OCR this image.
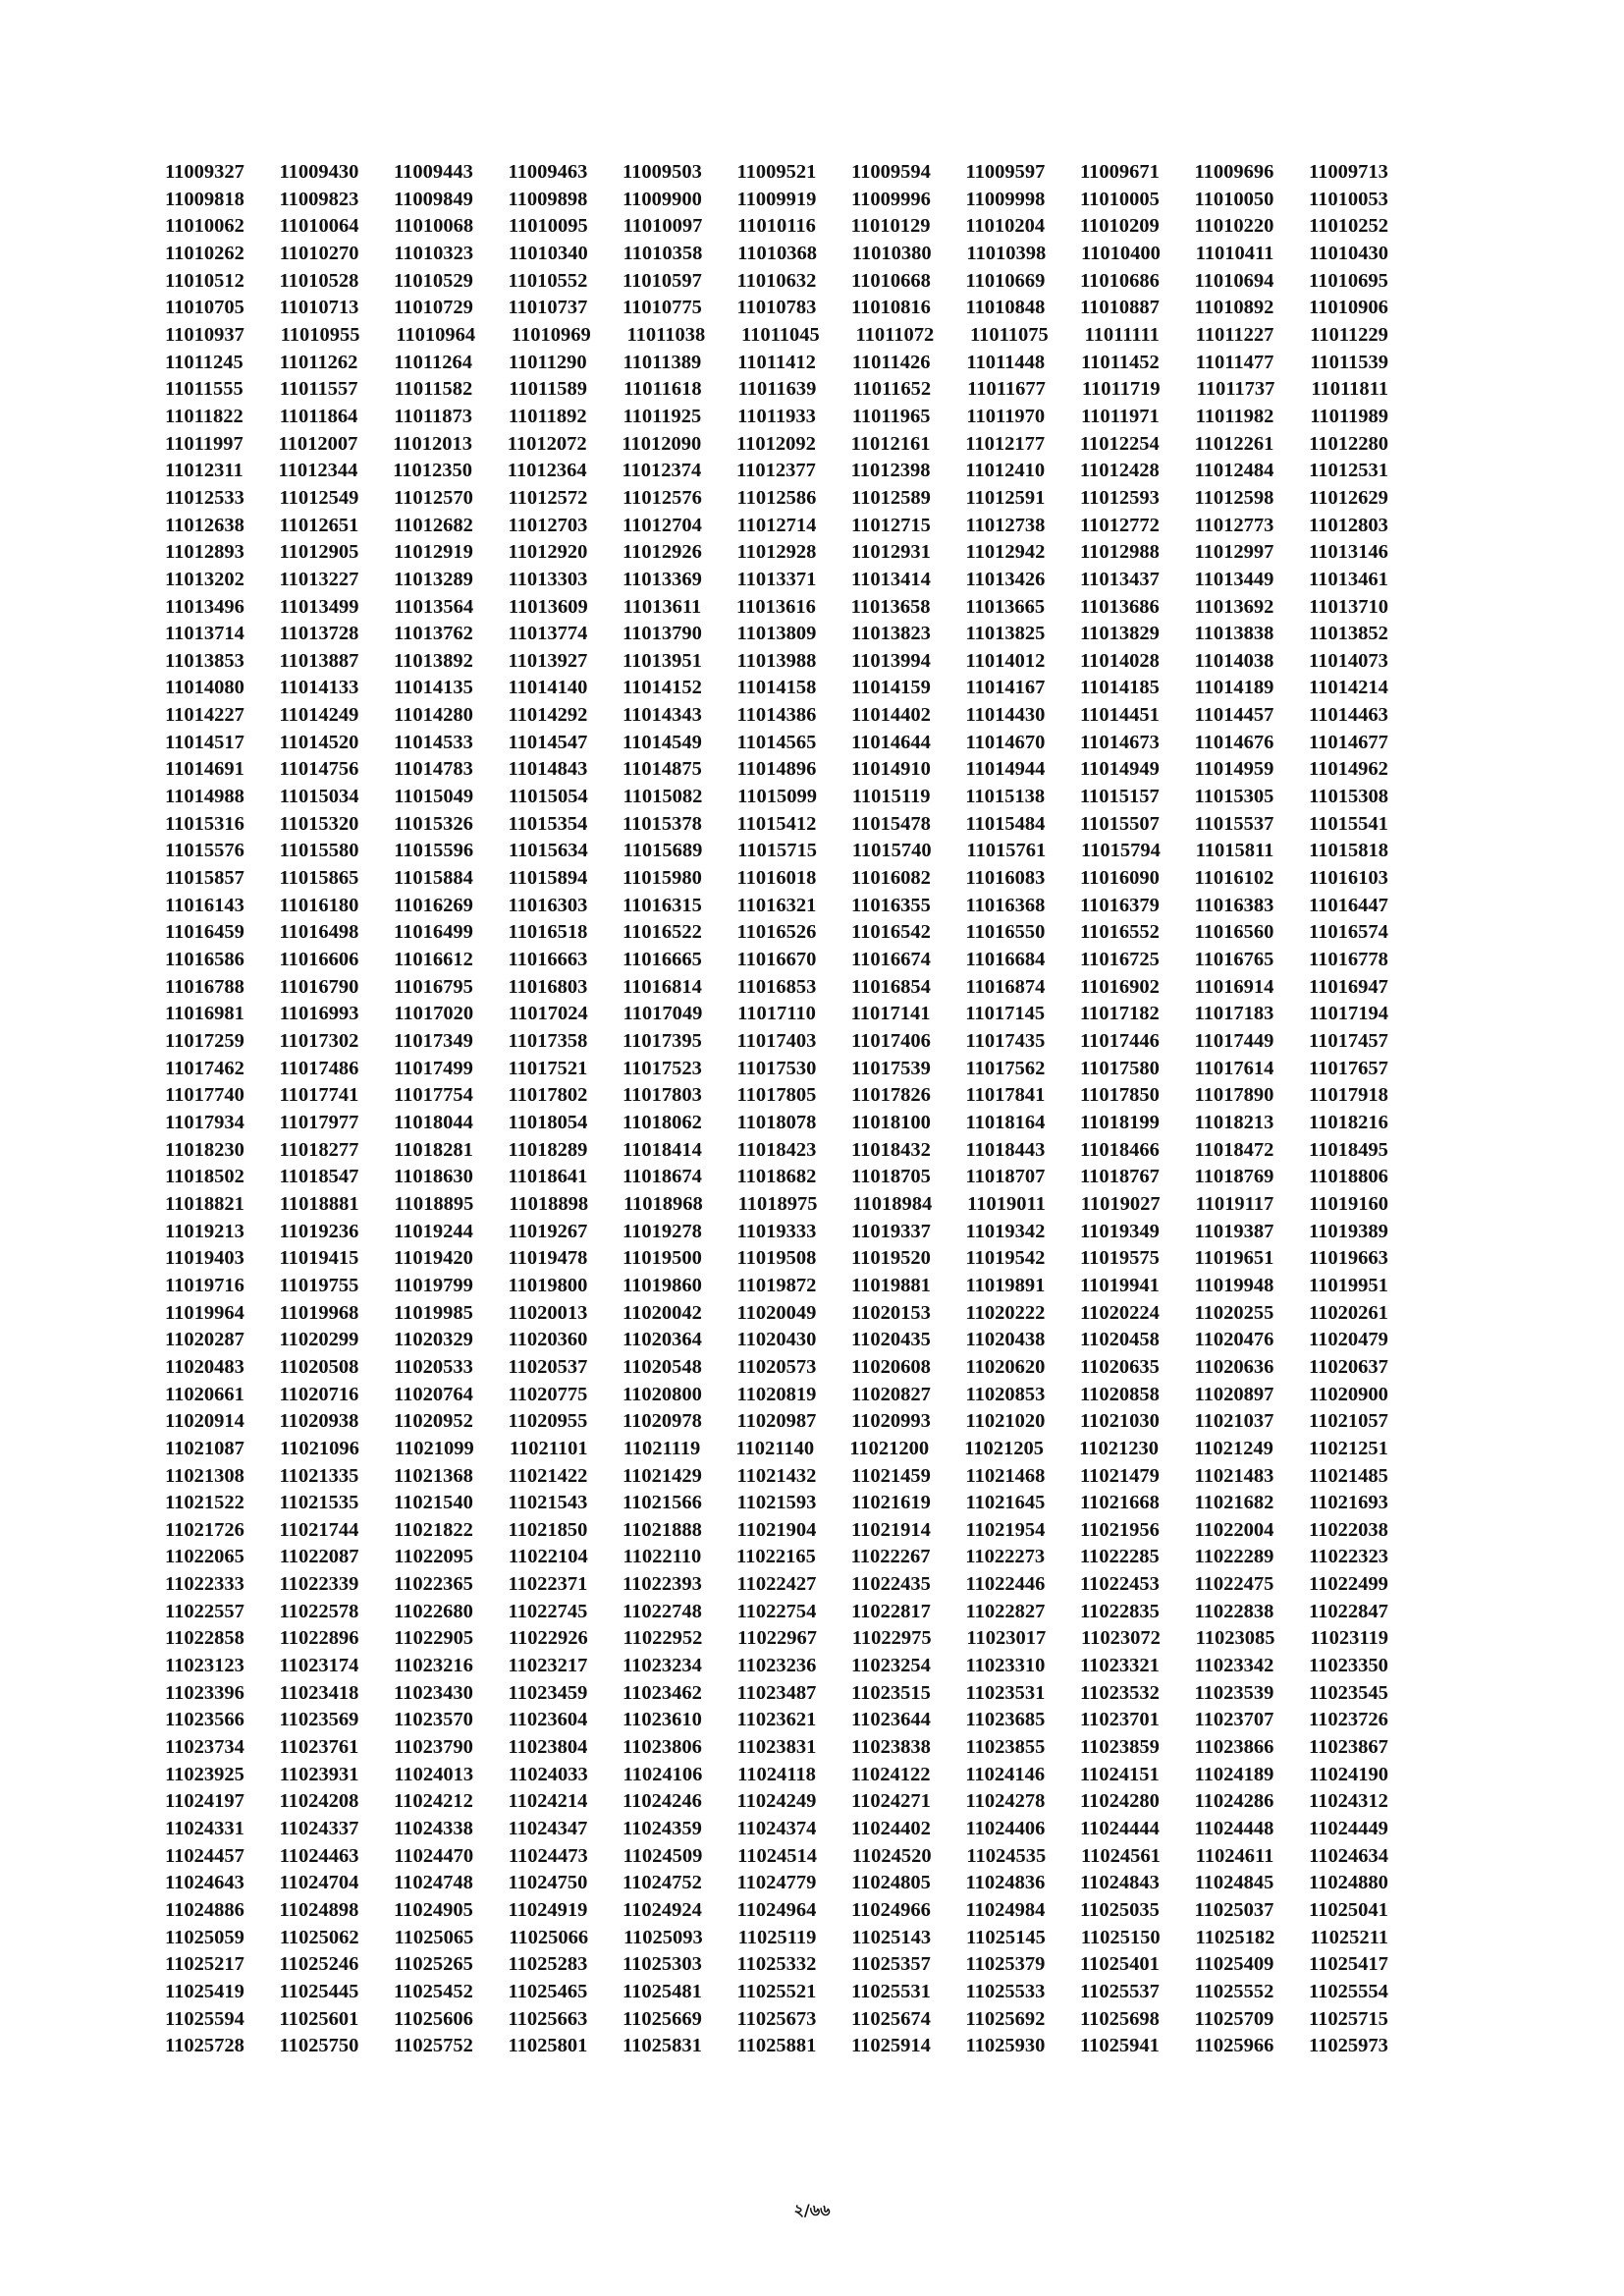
11009327 11009430 11009443 11009463 11009503 11009521 11009594 11009597 11009671 11009696 11009713
11009818 11009823 11009849 11009898 11009900 11009919 11009996 11009998 11010005 11010050 11010053
11010062 11010064 11010068 11010095 11010097 11010116 11010129 11010204 11010209 11010220 11010252
11010262 11010270 11010323 11010340 11010358 11010368 11010380 11010398 11010400 11010411 11010430
11010512 11010528 11010529 11010552 11010597 11010632 11010668 11010669 11010686 11010694 11010695
11010705 11010713 11010729 11010737 11010775 11010783 11010816 11010848 11010887 11010892 11010906
11010937 11010955 11010964 11010969 11011038 11011045 11011072 11011075 11011111 11011227 11011229
11011245 11011262 11011264 11011290 11011389 11011412 11011426 11011448 11011452 11011477 11011539
11011555 11011557 11011582 11011589 11011618 11011639 11011652 11011677 11011719 11011737 11011811
11011822 11011864 11011873 11011892 11011925 11011933 11011965 11011970 11011971 11011982 11011989
11011997 11012007 11012013 11012072 11012090 11012092 11012161 11012177 11012254 11012261 11012280
11012311 11012344 11012350 11012364 11012374 11012377 11012398 11012410 11012428 11012484 11012531
11012533 11012549 11012570 11012572 11012576 11012586 11012589 11012591 11012593 11012598 11012629
11012638 11012651 11012682 11012703 11012704 11012714 11012715 11012738 11012772 11012773 11012803
11012893 11012905 11012919 11012920 11012926 11012928 11012931 11012942 11012988 11012997 11013146
11013202 11013227 11013289 11013303 11013369 11013371 11013414 11013426 11013437 11013449 11013461
11013496 11013499 11013564 11013609 11013611 11013616 11013658 11013665 11013686 11013692 11013710
11013714 11013728 11013762 11013774 11013790 11013809 11013823 11013825 11013829 11013838 11013852
11013853 11013887 11013892 11013927 11013951 11013988 11013994 11014012 11014028 11014038 11014073
11014080 11014133 11014135 11014140 11014152 11014158 11014159 11014167 11014185 11014189 11014214
11014227 11014249 11014280 11014292 11014343 11014386 11014402 11014430 11014451 11014457 11014463
11014517 11014520 11014533 11014547 11014549 11014565 11014644 11014670 11014673 11014676 11014677
11014691 11014756 11014783 11014843 11014875 11014896 11014910 11014944 11014949 11014959 11014962
11014988 11015034 11015049 11015054 11015082 11015099 11015119 11015138 11015157 11015305 11015308
11015316 11015320 11015326 11015354 11015378 11015412 11015478 11015484 11015507 11015537 11015541
11015576 11015580 11015596 11015634 11015689 11015715 11015740 11015761 11015794 11015811 11015818
11015857 11015865 11015884 11015894 11015980 11016018 11016082 11016083 11016090 11016102 11016103
11016143 11016180 11016269 11016303 11016315 11016321 11016355 11016368 11016379 11016383 11016447
11016459 11016498 11016499 11016518 11016522 11016526 11016542 11016550 11016552 11016560 11016574
11016586 11016606 11016612 11016663 11016665 11016670 11016674 11016684 11016725 11016765 11016778
11016788 11016790 11016795 11016803 11016814 11016853 11016854 11016874 11016902 11016914 11016947
11016981 11016993 11017020 11017024 11017049 11017110 11017141 11017145 11017182 11017183 11017194
11017259 11017302 11017349 11017358 11017395 11017403 11017406 11017435 11017446 11017449 11017457
11017462 11017486 11017499 11017521 11017523 11017530 11017539 11017562 11017580 11017614 11017657
11017740 11017741 11017754 11017802 11017803 11017805 11017826 11017841 11017850 11017890 11017918
11017934 11017977 11018044 11018054 11018062 11018078 11018100 11018164 11018199 11018213 11018216
11018230 11018277 11018281 11018289 11018414 11018423 11018432 11018443 11018466 11018472 11018495
11018502 11018547 11018630 11018641 11018674 11018682 11018705 11018707 11018767 11018769 11018806
11018821 11018881 11018895 11018898 11018968 11018975 11018984 11019011 11019027 11019117 11019160
11019213 11019236 11019244 11019267 11019278 11019333 11019337 11019342 11019349 11019387 11019389
11019403 11019415 11019420 11019478 11019500 11019508 11019520 11019542 11019575 11019651 11019663
11019716 11019755 11019799 11019800 11019860 11019872 11019881 11019891 11019941 11019948 11019951
11019964 11019968 11019985 11020013 11020042 11020049 11020153 11020222 11020224 11020255 11020261
11020287 11020299 11020329 11020360 11020364 11020430 11020435 11020438 11020458 11020476 11020479
11020483 11020508 11020533 11020537 11020548 11020573 11020608 11020620 11020635 11020636 11020637
11020661 11020716 11020764 11020775 11020800 11020819 11020827 11020853 11020858 11020897 11020900
11020914 11020938 11020952 11020955 11020978 11020987 11020993 11021020 11021030 11021037 11021057
11021087 11021096 11021099 11021101 11021119 11021140 11021200 11021205 11021230 11021249 11021251
11021308 11021335 11021368 11021422 11021429 11021432 11021459 11021468 11021479 11021483 11021485
11021522 11021535 11021540 11021543 11021566 11021593 11021619 11021645 11021668 11021682 11021693
11021726 11021744 11021822 11021850 11021888 11021904 11021914 11021954 11021956 11022004 11022038
11022065 11022087 11022095 11022104 11022110 11022165 11022267 11022273 11022285 11022289 11022323
11022333 11022339 11022365 11022371 11022393 11022427 11022435 11022446 11022453 11022475 11022499
11022557 11022578 11022680 11022745 11022748 11022754 11022817 11022827 11022835 11022838 11022847
11022858 11022896 11022905 11022926 11022952 11022967 11022975 11023017 11023072 11023085 11023119
11023123 11023174 11023216 11023217 11023234 11023236 11023254 11023310 11023321 11023342 11023350
11023396 11023418 11023430 11023459 11023462 11023487 11023515 11023531 11023532 11023539 11023545
11023566 11023569 11023570 11023604 11023610 11023621 11023644 11023685 11023701 11023707 11023726
11023734 11023761 11023790 11023804 11023806 11023831 11023838 11023855 11023859 11023866 11023867
11023925 11023931 11024013 11024033 11024106 11024118 11024122 11024146 11024151 11024189 11024190
11024197 11024208 11024212 11024214 11024246 11024249 11024271 11024278 11024280 11024286 11024312
11024331 11024337 11024338 11024347 11024359 11024374 11024402 11024406 11024444 11024448 11024449
11024457 11024463 11024470 11024473 11024509 11024514 11024520 11024535 11024561 11024611 11024634
11024643 11024704 11024748 11024750 11024752 11024779 11024805 11024836 11024843 11024845 11024880
11024886 11024898 11024905 11024919 11024924 11024964 11024966 11024984 11025035 11025037 11025041
11025059 11025062 11025065 11025066 11025093 11025119 11025143 11025145 11025150 11025182 11025211
11025217 11025246 11025265 11025283 11025303 11025332 11025357 11025379 11025401 11025409 11025417
11025419 11025445 11025452 11025465 11025481 11025521 11025531 11025533 11025537 11025552 11025554
11025594 11025601 11025606 11025663 11025669 11025673 11025674 11025692 11025698 11025709 11025715
11025728 11025750 11025752 11025801 11025831 11025881 11025914 11025930 11025941 11025966 11025973
২/৬৬
